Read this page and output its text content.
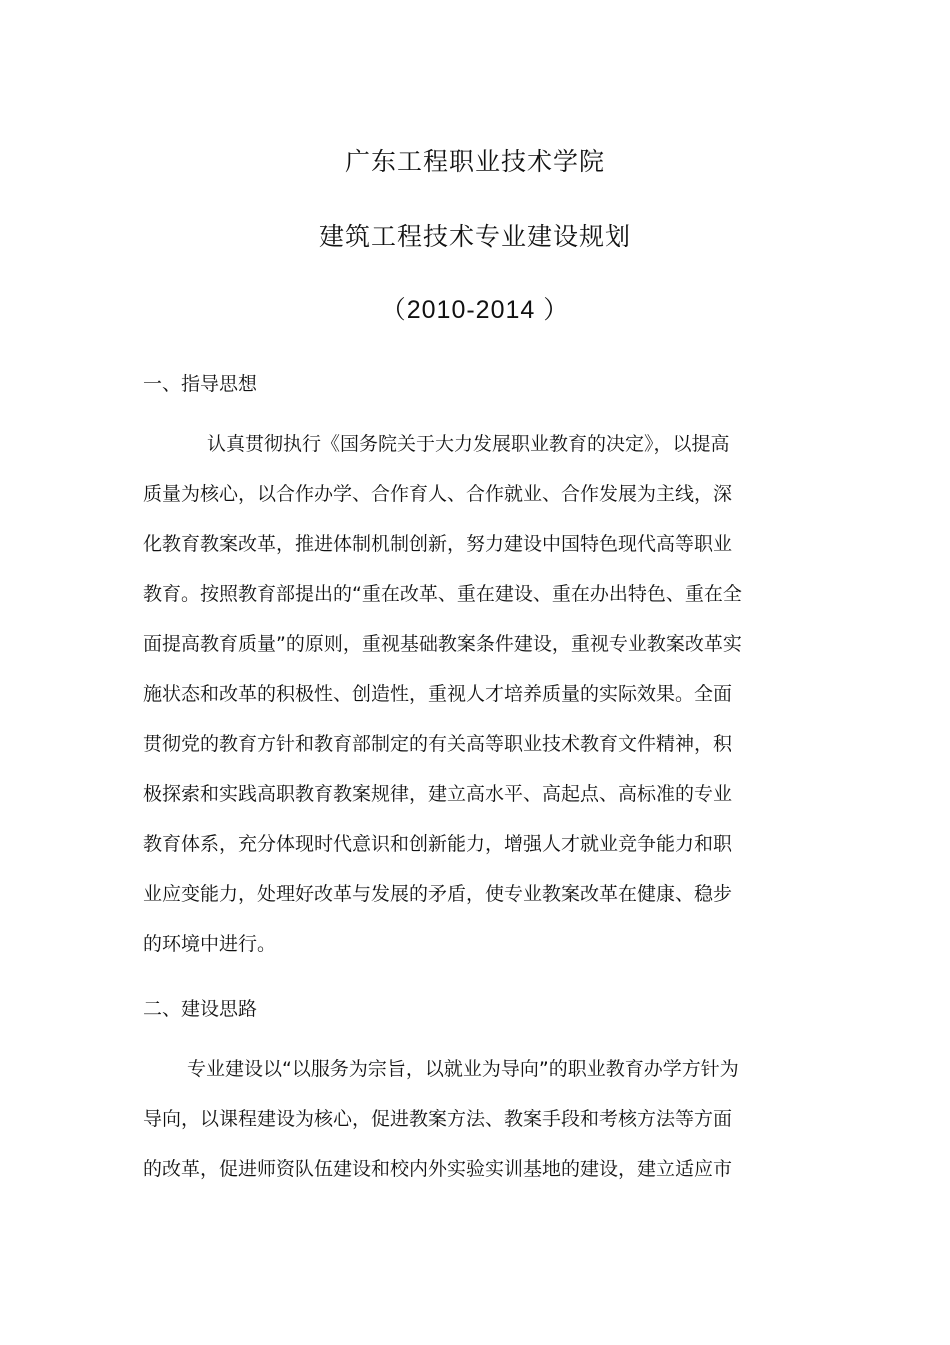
广东工程职业技术学院
建筑工程技术专业建设规划
（2010-2014 ）
一、指导思想
认真贯彻执行《国务院关于大力发展职业教育的决定》，以提高
质量为核心，以合作办学、合作育人、合作就业、合作发展为主线，深
化教育教案改革，推进体制机制创新，努力建设中国特色现代高等职业
教育。按照教育部提出的“重在改革、重在建设、重在办出特色、重在全
面提高教育质量”的原则，重视基础教案条件建设，重视专业教案改革实
施状态和改革的积极性、创造性，重视人才培养质量的实际效果。全面
贯彻党的教育方针和教育部制定的有关高等职业技术教育文件精神，积
极探索和实践高职教育教案规律，建立高水平、高起点、高标准的专业
教育体系，充分体现时代意识和创新能力，增强人才就业竞争能力和职
业应变能力，处理好改革与发展的矛盾，使专业教案改革在健康、稳步
的环境中进行。
二、建设思路
专业建设以“以服务为宗旨，以就业为导向”的职业教育办学方针为
导向，以课程建设为核心，促进教案方法、教案手段和考核方法等方面
的改革，促进师资队伍建设和校内外实验实训基地的建设，建立适应市
